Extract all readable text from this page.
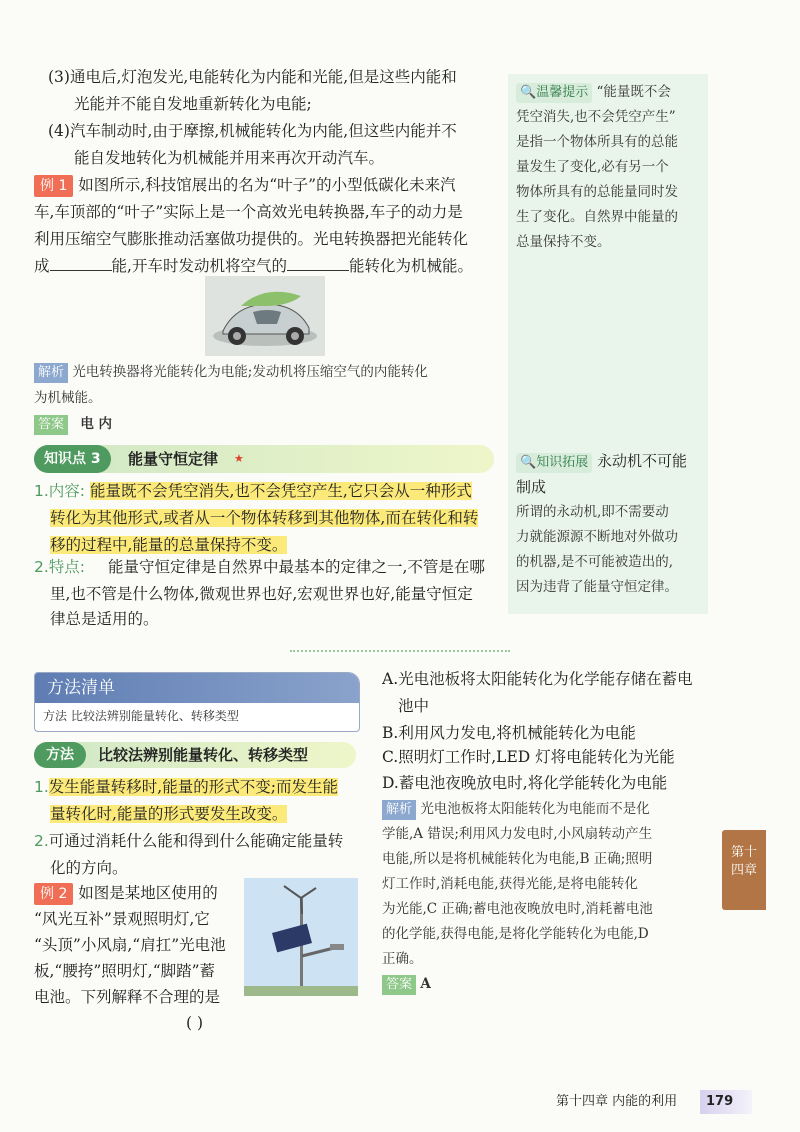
(3)通电后,灯泡发光,电能转化为内能和光能,但是这些内能和
光能并不能自发地重新转化为电能;
(4)汽车制动时,由于摩擦,机械能转化为内能,但这些内能并不
能自发地转化为机械能并用来再次开动汽车。
例 1 如图所示,科技馆展出的名为“叶子”的小型低碳化未来汽
车,车顶部的“叶子”实际上是一个高效光电转换器,车子的动力是
利用压缩空气膨胀推动活塞做功提供的。光电转换器把光能转化
成	能,开车时发动机将空气的	能转化为机械能。
解析 光电转换器将光能转化为电能;发动机将压缩空气的内能转化
为机械能。
答案 电 内
🔍温馨提示 “能量既不会
凭空消失,也不会凭空产生”
是指一个物体所具有的总能
量发生了变化,必有另一个
物体所具有的总能量同时发
生了变化。自然界中能量的
总量保持不变。
知识点 3	能量守恒定律 ★
1.内容: 能量既不会凭空消失,也不会凭空产生,它只会从一种形式
转化为其他形式,或者从一个物体转移到其他物体,而在转化和转
移的过程中,能量的总量保持不变。
2.特点: 能量守恒定律是自然界中最基本的定律之一,不管是在哪
里,也不管是什么物体,微观世界也好,宏观世界也好,能量守恒定
律总是适用的。
🔍知识拓展 永动机不可能
制成
所谓的永动机,即不需要动
力就能源源不断地对外做功
的机器,是不可能被造出的,
因为违背了能量守恒定律。
方法清单
方法 比较法辨别能量转化、转移类型
方法	比较法辨别能量转化、转移类型
1.发生能量转移时,能量的形式不变;而发生能
量转化时,能量的形式要发生改变。
2.可通过消耗什么能和得到什么能确定能量转
化的方向。
例 2 如图是某地区使用的
“风光互补”景观照明灯,它
“头顶”小风扇,“肩扛”光电池
板,“腰挎”照明灯,“脚踏”蓄
电池。下列解释不合理的是
( )
A.光电池板将太阳能转化为化学能存储在蓄电
池中
B.利用风力发电,将机械能转化为电能
C.照明灯工作时,LED 灯将电能转化为光能
D.蓄电池夜晚放电时,将化学能转化为电能
解析 光电池板将太阳能转化为电能而不是化
学能,A 错误;利用风力发电时,小风扇转动产生
电能,所以是将机械能转化为电能,B 正确;照明
灯工作时,消耗电能,获得光能,是将电能转化
为光能,C 正确;蓄电池夜晚放电时,消耗蓄电池
的化学能,获得电能,是将化学能转化为电能,D
正确。
答案 A
第十
四章
第十四章 内能的利用	179
